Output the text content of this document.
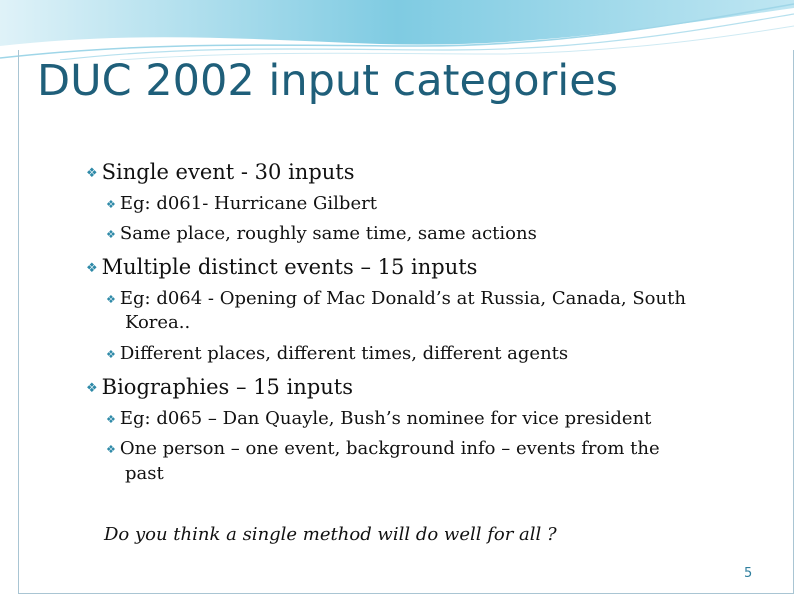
DUC 2002 input categories
❖ Single event - 30 inputs
❖ Eg: d061- Hurricane Gilbert
❖ Same place, roughly same time, same actions
❖ Multiple distinct events – 15 inputs
❖ Eg: d064 - Opening of Mac Donald’s at Russia, Canada, South
Korea..
❖ Different places, different times, different agents
❖ Biographies – 15 inputs
❖ Eg: d065 – Dan Quayle, Bush’s nominee for vice president
❖ One person – one event, background info – events from the
past
Do you think a single method will do well for all ?
5
